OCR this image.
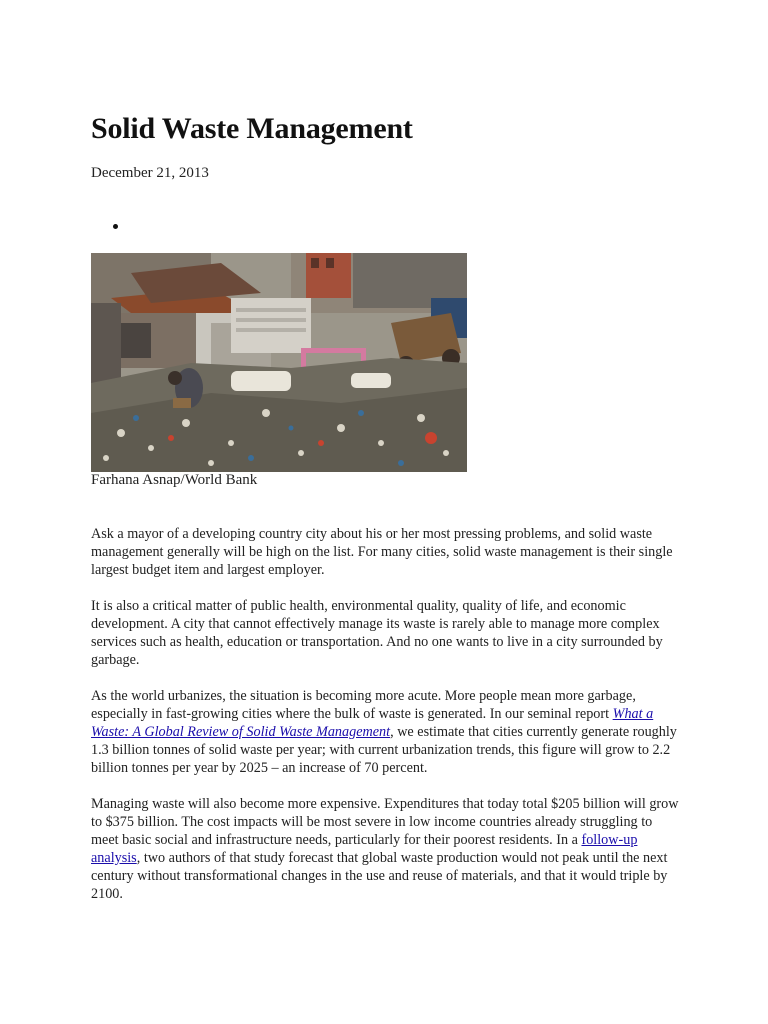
Solid Waste Management
December 21, 2013
Farhana Asnap/World Bank

Ask a mayor of a developing country city about his or her most pressing problems, and solid waste management generally will be high on the list. For many cities, solid waste management is their single largest budget item and largest employer.

It is also a critical matter of public health, environmental quality, quality of life, and economic development. A city that cannot effectively manage its waste is rarely able to manage more complex services such as health, education or transportation. And no one wants to live in a city surrounded by garbage.

As the world urbanizes, the situation is becoming more acute. More people mean more garbage, especially in fast-growing cities where the bulk of waste is generated. In our seminal report What a Waste: A Global Review of Solid Waste Management, we estimate that cities currently generate roughly 1.3 billion tonnes of solid waste per year; with current urbanization trends, this figure will grow to 2.2 billion tonnes per year by 2025 – an increase of 70 percent.

Managing waste will also become more expensive. Expenditures that today total $205 billion will grow to $375 billion. The cost impacts will be most severe in low income countries already struggling to meet basic social and infrastructure needs, particularly for their poorest residents. In a follow-up analysis, two authors of that study forecast that global waste production would not peak until the next century without transformational changes in the use and reuse of materials, and that it would triple by 2100.
